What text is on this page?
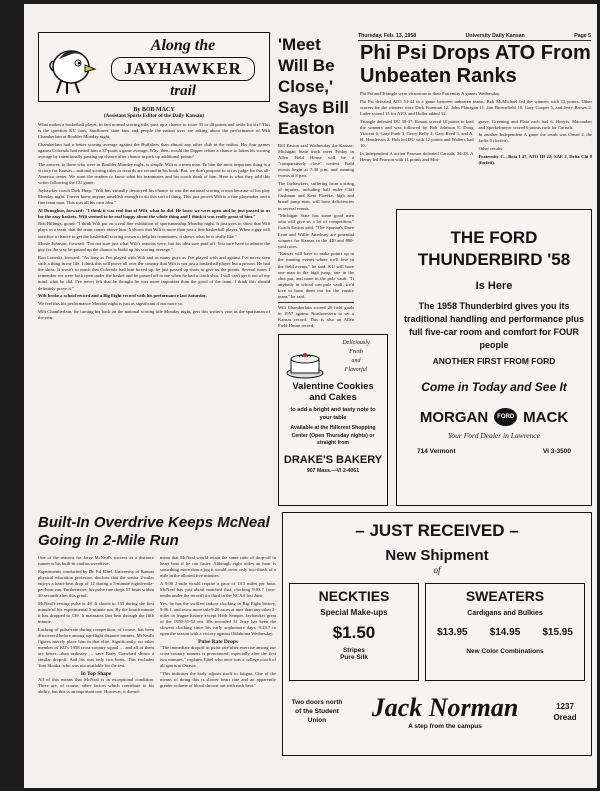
Thursday, Feb. 13, 1958	University Daily Kansan	Page 5
Along the
JAYHAWKER
trail
By BOB MACY
(Assistant Sports Editor of the Daily Kansan)

What makes a basketball player, in fact normal scoring title, pass up a chance to score 35 or 40 points and settle for six? This is the question KU fans, Sunflower state fans and people the nation over are asking about the performance of Wilt Chamberlain at Boulder Monday night.

Chamberlain had a better scoring average against the Buffaloes than almost any other club in the nation. His four games against Colorado had netted him a 37-point a game average. Why, then, would the Dipper refuse a chance to fatten his scoring average by intentionally passing up chance after chance to pick up additional points?

The answer, to those who were in Boulder Monday night, is simple. Wilt is a team man. To him the most important thing is a victory for Kansas—national scoring titles or records are second in his book. But, we don't propose to act as judge for this all-America center. We want the readers to know what his teammates and his coach think of him. Here is what they told this writer following the CU game:

Jayhawker coach Dick Harp: "Wilt has virtually destroyed his chance to win the national scoring crown because of his play Monday night. I never knew anyone unselfish enough to do this sort of thing. This just proves Wilt is a fine playmaker and a fine team man. This was all his own idea."

Al Donoghue, forward: "I think it was real fine of Wilt, what he did. He knew we were open and he just passed to us for the easy baskets. Wilt seemed to be real happy about the whole thing and I think it was really great of him."

Bob Billings, guard: "I think Wilt put on a real fine exhibition of sportsmanship Monday night. It just goes to show that Wilt plays as a team, that the team comes above him. It shows that Wilt is more than just a fine basketball player. When a guy will sacrifice a chance to get the basketball scoring crown to help his teammates, it shows what he is really like."

Monte Johnson, forward: "I'm not sure just what Wilt's reasons were, but his idea sure paid off. You sure have to admire the guy for the way he passed up the chance to build up his scoring average."

Ron Loneski, forward: "As long as I've played with Wilt and as many guys as I've played with and against I've never seen such a thing in my life. I think this will prove all over the country that Wilt is not just a basketball player but a person. He had the shots. It wasn't so much that Colorado had him boxed up, he just passed up shots to give us the points. Several times I remember we were both open under the basket and he passed off to me when he had a cinch shot. I still can't get it out of my mind what he did. I've never felt that he thought he was more important than the good of the team. I think this should definitely prove it."

Wilt broke a school record and a Big Eight record with his performance last Saturday.

We feel this his performance Monday night is just as significant if not more so.

Wilt Chamberlain, for turning his back on the national scoring title Monday night, gets this writer's vote as the sportsman of the year.

'Meet Will Be Close,' Says Bill Easton

Bill Easton said Wednesday the Kansas-Michigan State track meet Friday in Allen Field House will be a "comparatively close" contest. Field events begin at 7:30 p.m. and running events at 8 p.m.

The Jayhawkers, suffering from a string of injuries, including half miler Cliff Cushman and Kent Floerke, high and broad jump man, will have deficiencies in several events.

"Michigan State has some good men who will give us a lot of competition," Coach Easton said. "The Spartan's Dave Lean and Willie Atterbury are potential winners for Kansas in the 440 and 880-yard races.

"Kansas will have to make points up in the running events where we'll lose in the field events," he said. KU will have one man in the high jump, one in the shot put, and none in the pole vault. "If anybody in school can pole vault, we'd love to have them out for the varsity team," he said.

Wilt Chamberlain scored 20 field goals in 1957 against Northwestern to set a Kansas record. This is also an Allen Field House record.

Phi Psi Drops ATO From Unbeaten Ranks

Phi Psi and Triangle were victorious in their Fraternity A games Wednesday.

Phi Psi defeated ATO 53-44 in a game between unbeaten teams. Bob McMichael led the winners with 13 points. Other scorers for the winners were Dick Foreman 12, John Flanagan 11, Jim Brownfield 10, Gary Cooper 5, and Jerry Brown 2. Lader scored 13 for ATO, and Holler added 12.

Triangle defeated DU 38-37. Rosant scored 18 points to lead the winners and was followed by Bob Johnson 8, Doug Vincent 6, Gary Funk 3, Gerry Kelly 4, Gary Reed 3, and A. H. Henderson 2. Holt led DU with 12 points and Walters had 10.

In Independent A action Pearson defeated Carruth, 34-28. A Henry led Pearson with 11 points and Mos-

grave, Greening and Platz each had 6. Hoeyis, Macomber and Sprekelmeyer scored 6 points each for Carruth.

In another Independent A game the result was Oread 2, the Jacks 0 (forfeit).

Other results:

Fraternity C—Beta I 47, ATO III 22; SAE 2, Delta Chi 0 (forfeit).

Deliciously
Fresh
and
Flavorful
Valentine Cookies and Cakes
to add a bright and tasty note to your table
Available at the Hillcrest Shopping Center (Open Thursday nights) or straight from
DRAKE'S BAKERY
907 Mass.—VI 2-4061
THE FORD
THUNDERBIRD '58
Is Here
The 1958 Thunderbird gives you its traditional handling and performance plus full five-car room and comfort for FOUR people
ANOTHER FIRST FROM FORD
Come in Today and See It
MORGAN	FORD MACK
Your Ford Dealer in Lawrence
714 Vermont	VI 3-3500
Built-In Overdrive Keeps McNeal Going In 2-Mile Run

One of the reasons for Jerry McNeal's success as a distance runner is his built-in cardiac overdrive.

Experiments conducted by Dr. Ed Elbel, University of Kansas physical education professor, disclose that the senior 2-miler enjoys a heart-beat drop of 12 during a 5-minute eighth-mile-per-hour run. Furthermore, his pulse rate drops 57 beats within 30 seconds after this grind.

McNeal's resting pulse is 48. It shoots to 153 during the first minute of his experimental 5-minute run. By the fourth minute it has dropped to 139. It maintains that beat through the fifth minute.

Lacking of pulse-rate during competition, of course, has been discovered before among top-flight distance runners. McNeal's figures merely place him in that elite. Significantly, no other member of KU's 1958 cross-country squad … and all of them are better—than ordinary … save Barry Crawford shows a similar dropoff. And his was only two beats. This excludes Tom Skutka, who was not available for the test.

In Top Shape

All of this means that McNeal is in exceptional condition. There are, of course, other factors which contribute to his ability, but this is an important one. However, it doesn't

mean that McNeal would retain the same ratio of drop-off in heart beat if he ran faster. Although eight miles an hour is something more than a jog it would cover only two-thirds of a mile in the allotted five minutes.

A 9:00 2-mile would require a pace of 13.3 miles per hour. McNeal has just about matched that, clocking 9:03.7 (two-tenths under the record) for third in the NCAA last June.

Yes, he has the swiftest indoor clocking in Big Eight history, 9:06.1, and owns more sub-9:20 races at nine than any other 2-miler in league history except Herb Semper. Jayhawker great of the 1950-51-52 era. His recorded 31 Jerry has been the slowest clocking since his early sophomore days, 9:23.7 to open the season with a victory against Oklahoma Wednesday.

Pulse Rate Drops

"The immediate dropoff in pulse rate after exercise among our cross-country runners is pronounced, especially after the first two minutes," explains Elbel who once was a college coach of all sports at Ottawa.

"This indicates the body adjusts itself to fatigue. One of the means of doing this is slower heart rate and an apparently greater volume of blood thrown out with each beat."

– JUST RECEIVED –
New Shipment
of
NECKTIES
Special Make-ups
$1.50
Stripes
Pure Silk
SWEATERS
Cardigans and Bulkies
$13.95 $14.95 $15.95
New Color Combinations
Two doors north of the Student Union	Jack Norman
A step from the campus
1237
Oread
